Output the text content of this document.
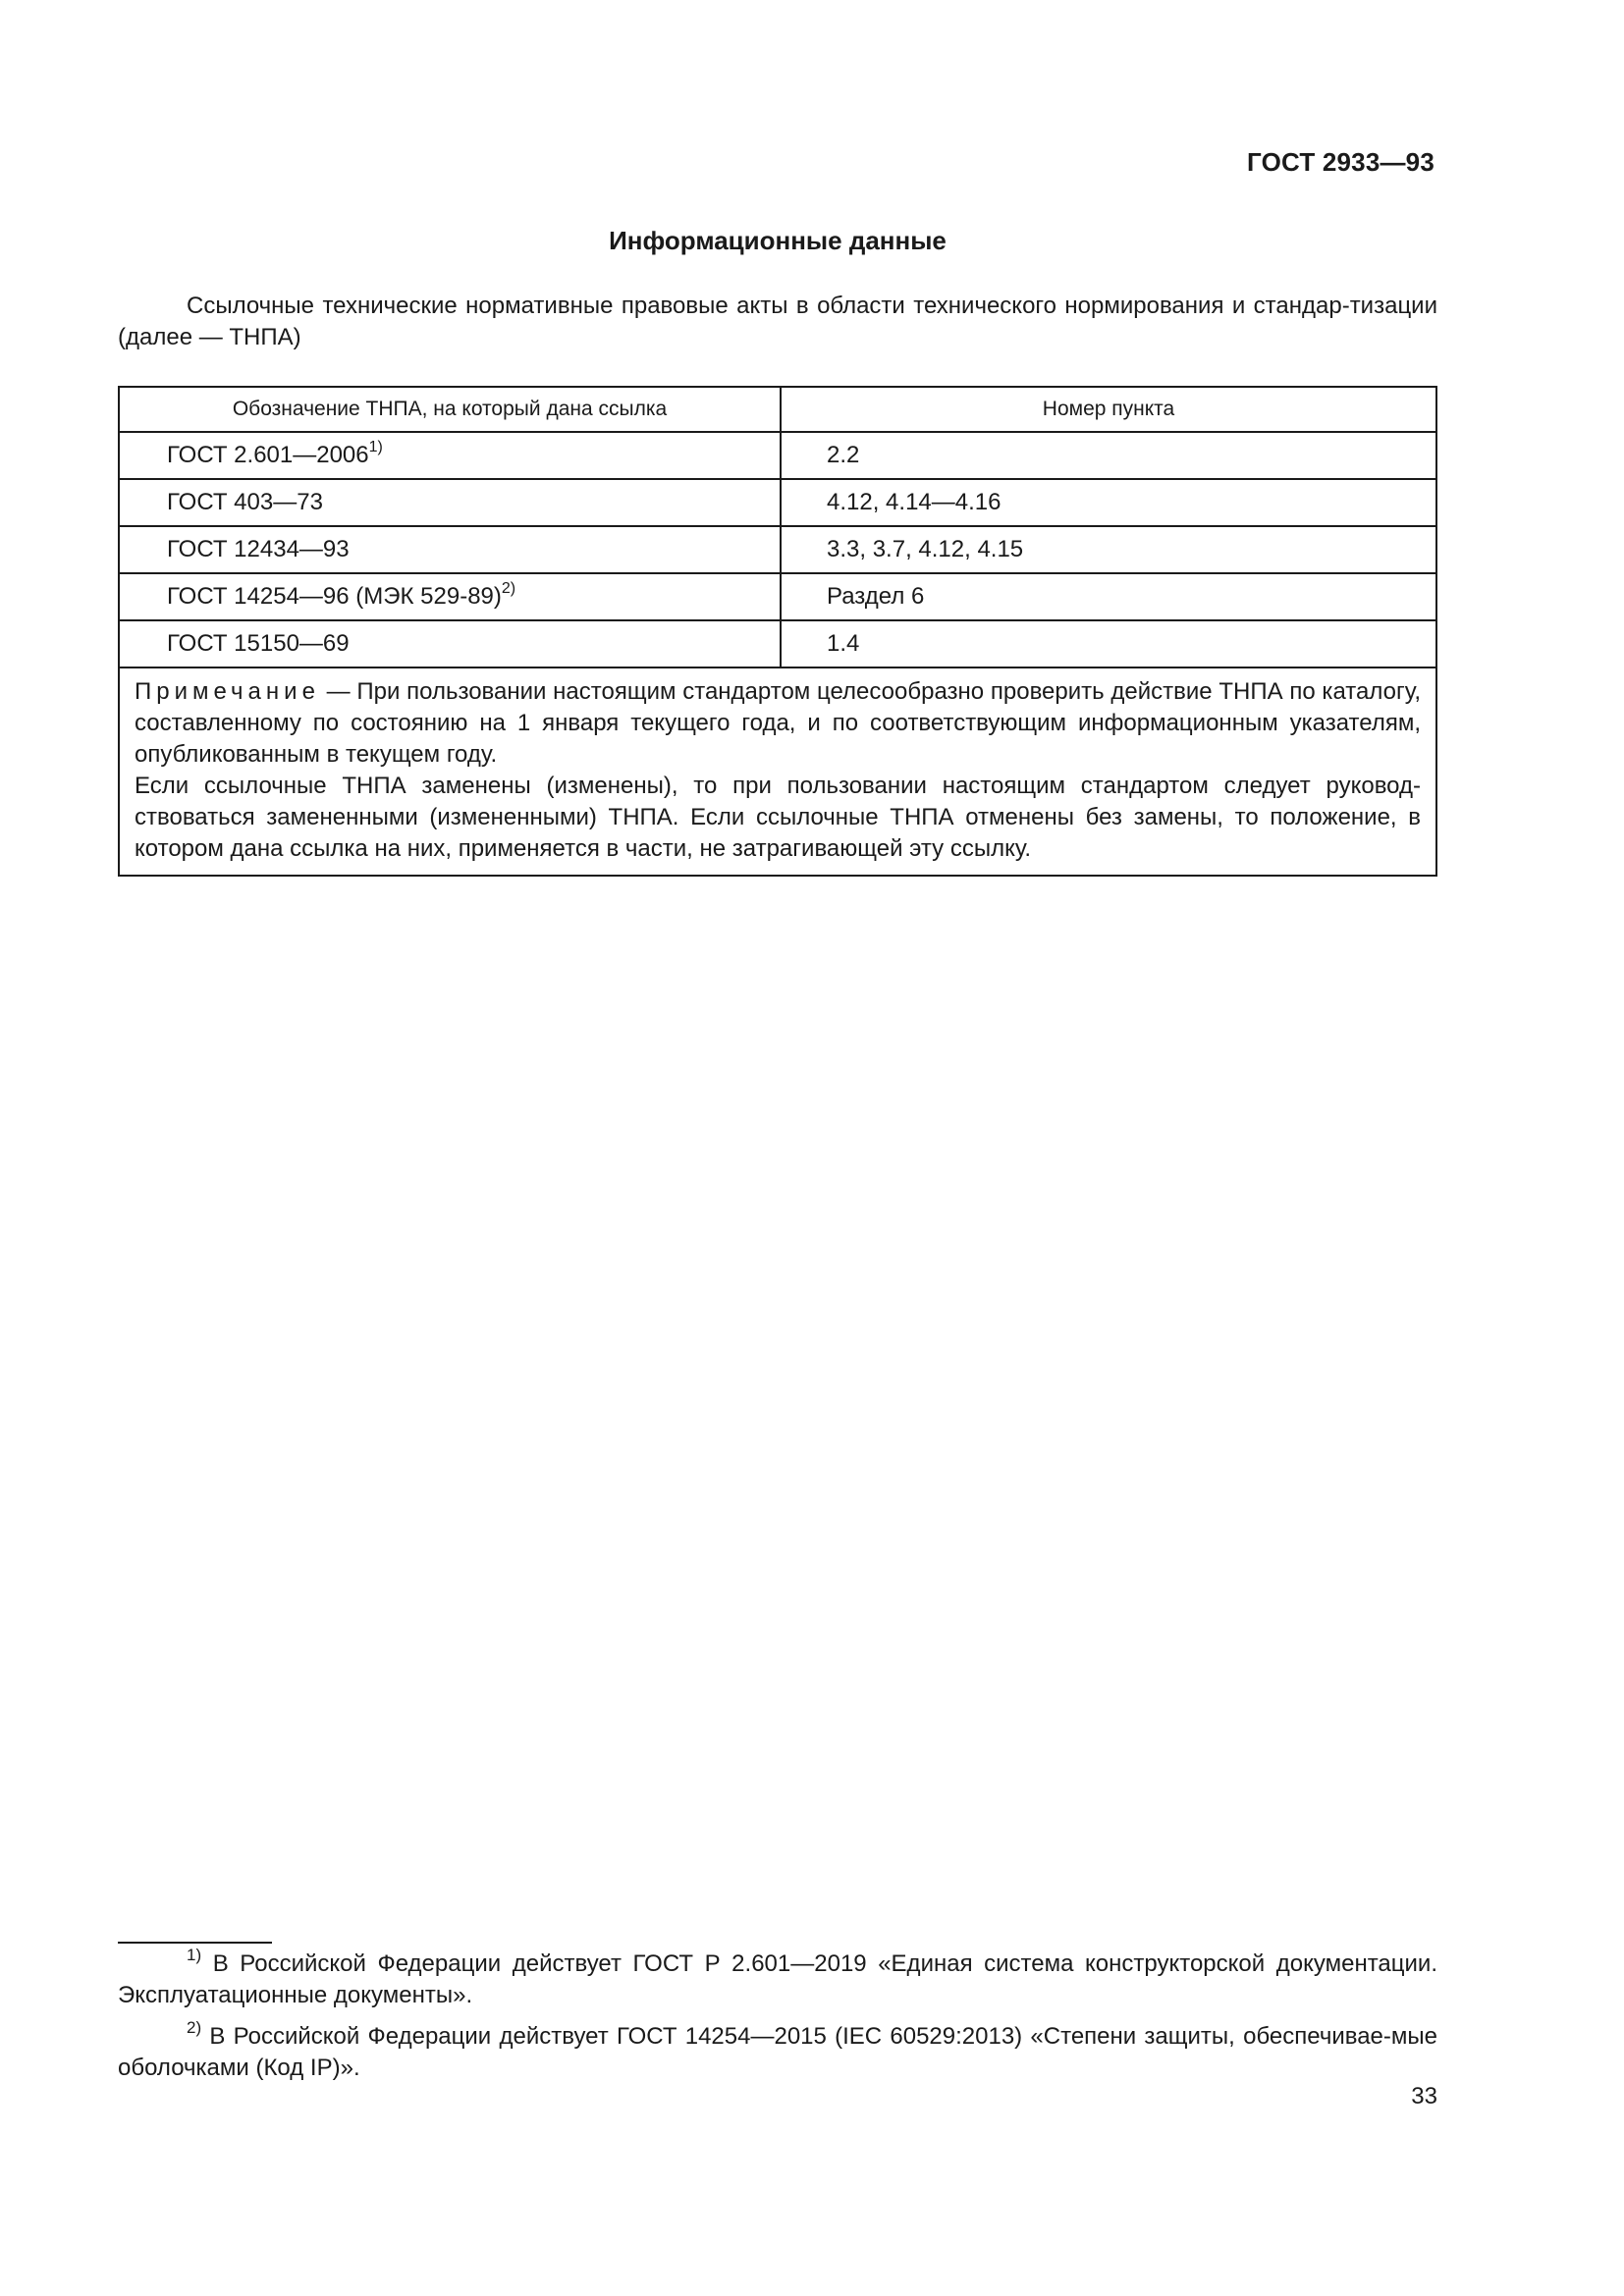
ГОСТ 2933—93
Информационные данные
Ссылочные технические нормативные правовые акты в области технического нормирования и стандар-тизации (далее — ТНПА)
Обозначение ТНПА, на который дана ссылка	Номер пункта
ГОСТ 2.601—2006$^{1)}$	2.2
ГОСТ 403—73	4.12, 4.14—4.16
ГОСТ 12434—93	3.3, 3.7, 4.12, 4.15
ГОСТ 14254—96 (МЭК 529-89)$^{2)}$	Раздел 6
ГОСТ 15150—69	1.4

Примечание — При пользовании настоящим стандартом целесообразно проверить действие ТНПА по каталогу, составленному по состоянию на 1 января текущего года, и по соответствующим информационным указателям, опубликованным в текущем году.

Если ссылочные ТНПА заменены (изменены), то при пользовании настоящим стандартом следует руковод-ствоваться замененными (измененными) ТНПА. Если ссылочные ТНПА отменены без замены, то положение, в котором дана ссылка на них, применяется в части, не затрагивающей эту ссылку.	

$^{1)}$ В Российской Федерации действует ГОСТ Р 2.601—2019 «Единая система конструкторской документации. Эксплуатационные документы».

$^{2)}$ В Российской Федерации действует ГОСТ 14254—2015 (IEC 60529:2013) «Степени защиты, обеспечивае-мые оболочками (Код IP)».

33
